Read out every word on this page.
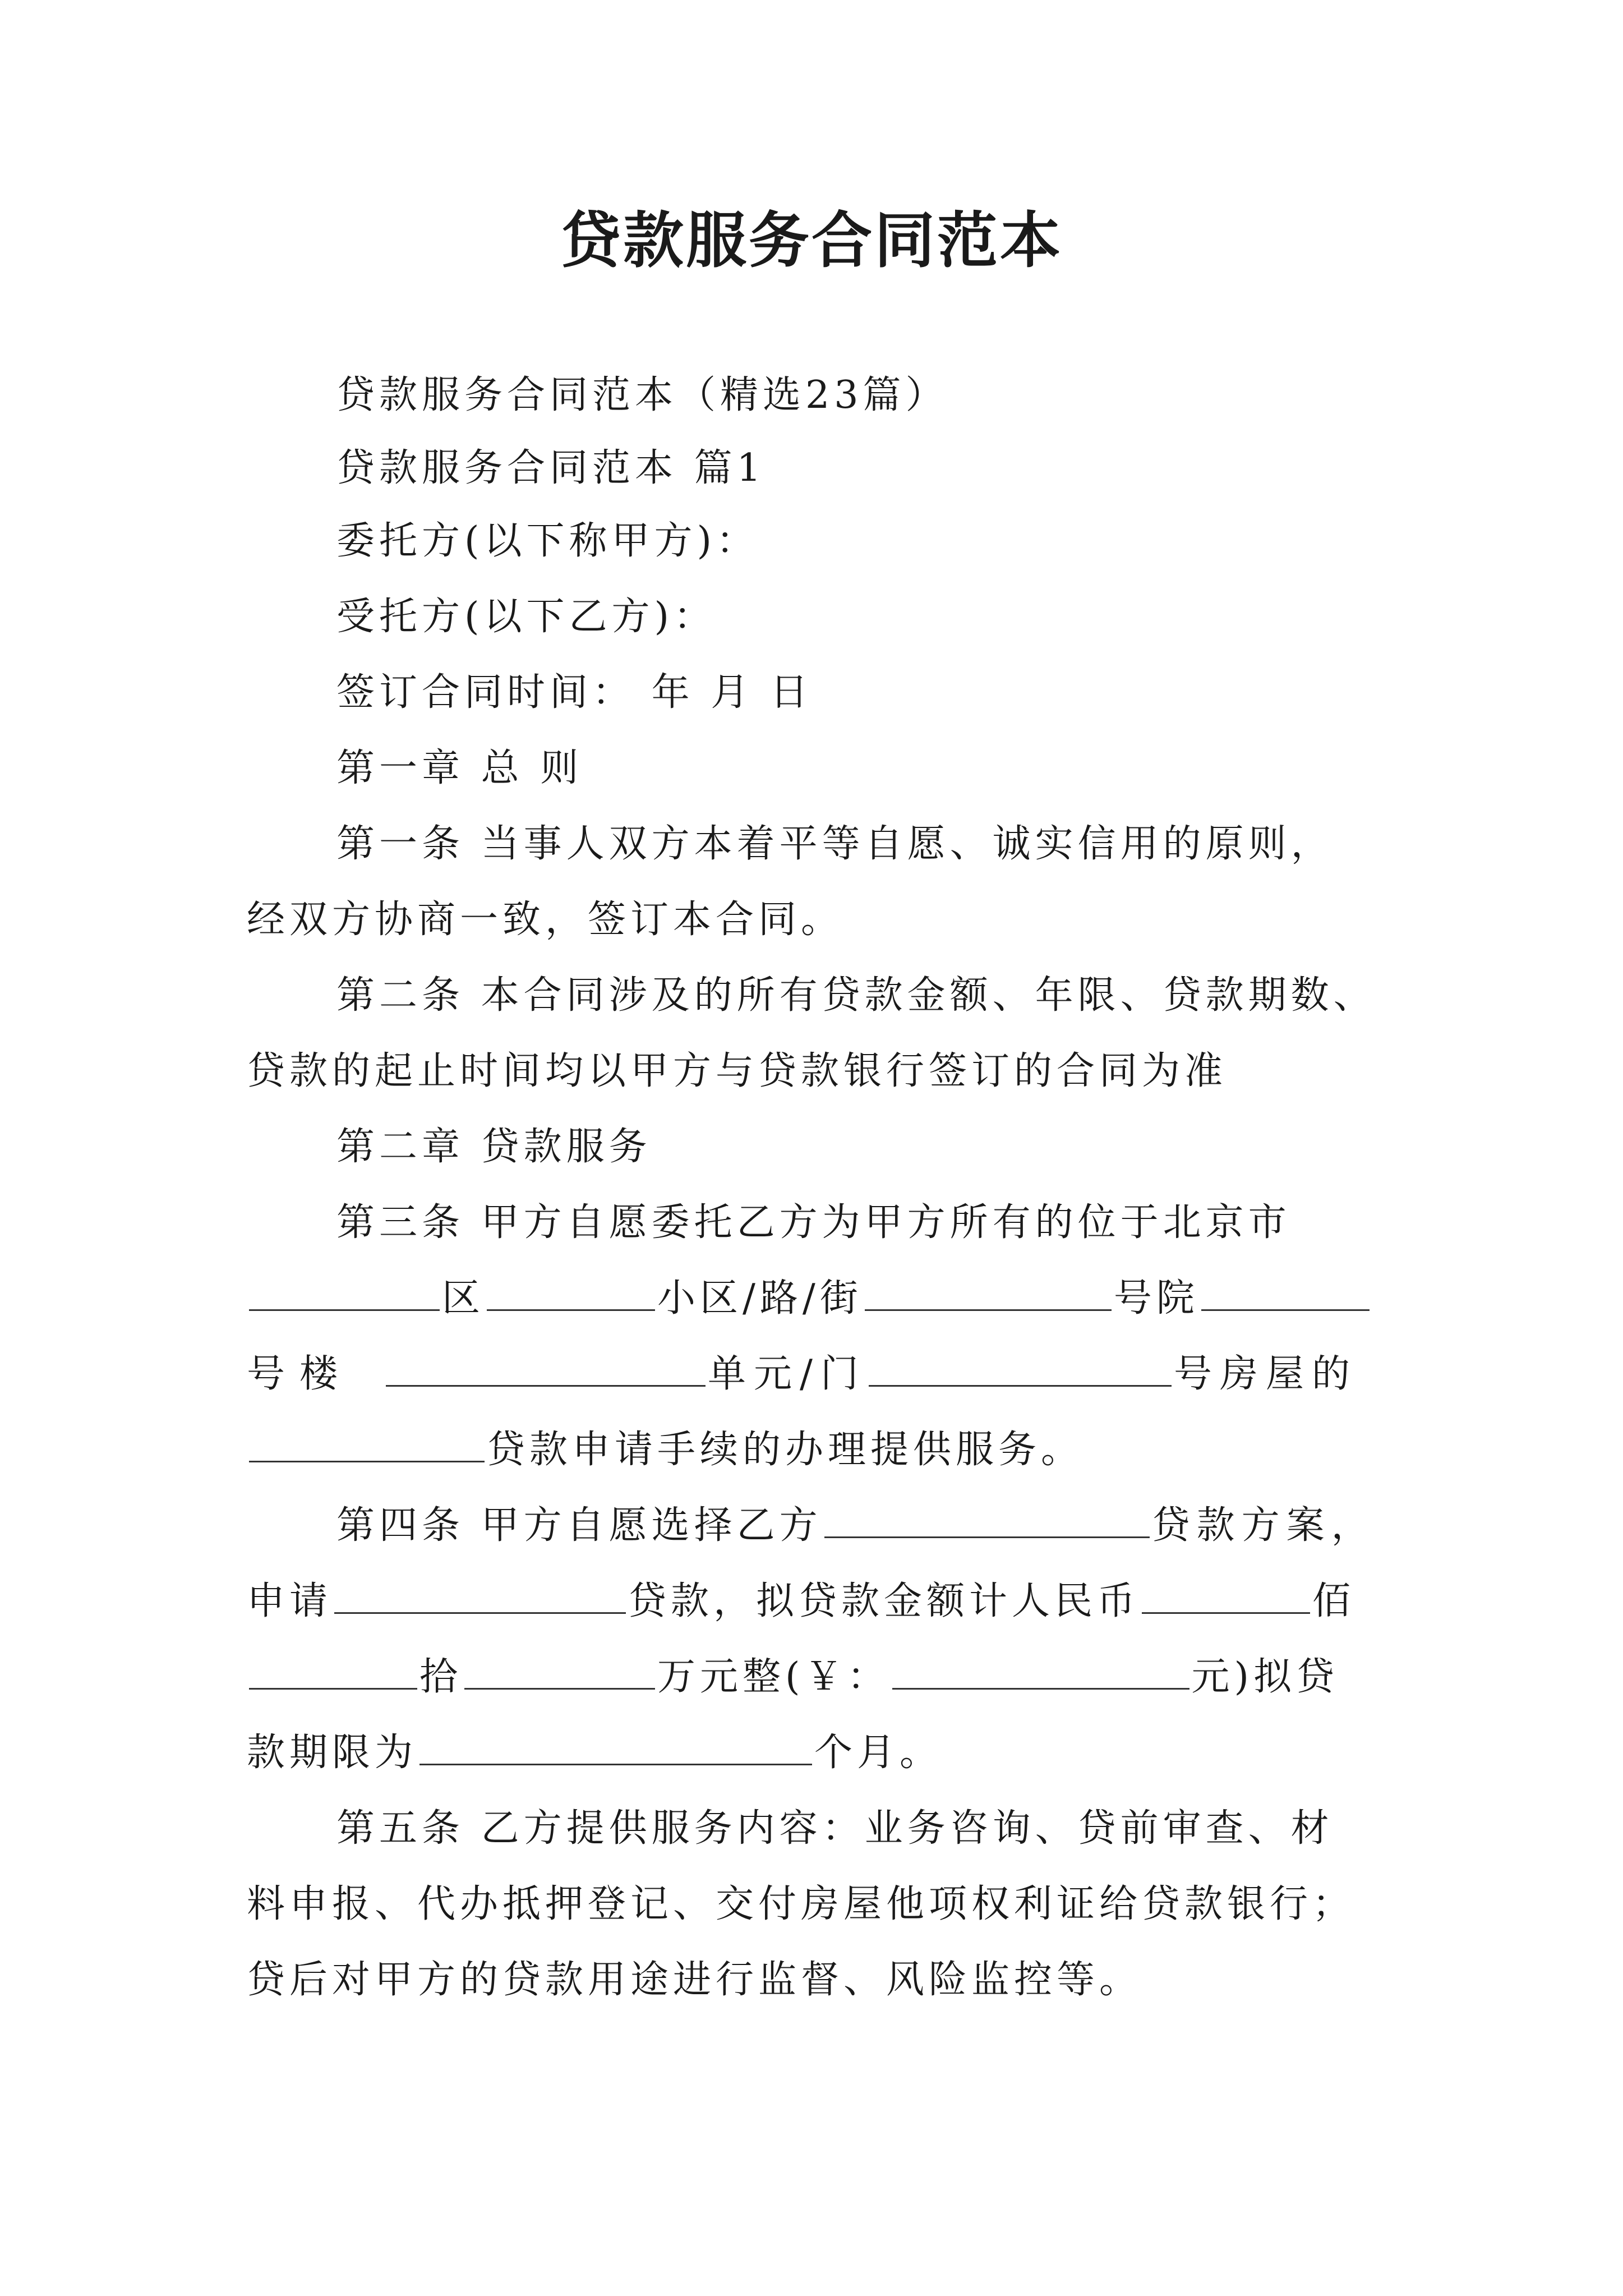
贷款服务合同范本
贷款服务合同范本（精选23篇）
贷款服务合同范本 篇1
委托方(以下称甲方)：
受托方(以下乙方)：
签订合同时间： 年 月 日
第一章 总 则
第一条 当事人双方本着平等自愿、诚实信用的原则，
经双方协商一致，签订本合同。
第二条 本合同涉及的所有贷款金额、年限、贷款期数、
贷款的起止时间均以甲方与贷款银行签订的合同为准
第二章 贷款服务
第三条 甲方自愿委托乙方为甲方所有的位于北京市
区	小区/路/街	号院
号楼	单元/门	号房屋的
贷款申请手续的办理提供服务。
第四条 甲方自愿选择乙方	贷款方案，
申请	贷款，拟贷款金额计人民币	佰
拾	万元整(￥：	元)拟贷
款期限为	个月。
第五条 乙方提供服务内容：业务咨询、贷前审查、材
料申报、代办抵押登记、交付房屋他项权利证给贷款银行；
贷后对甲方的贷款用途进行监督、风险监控等。
